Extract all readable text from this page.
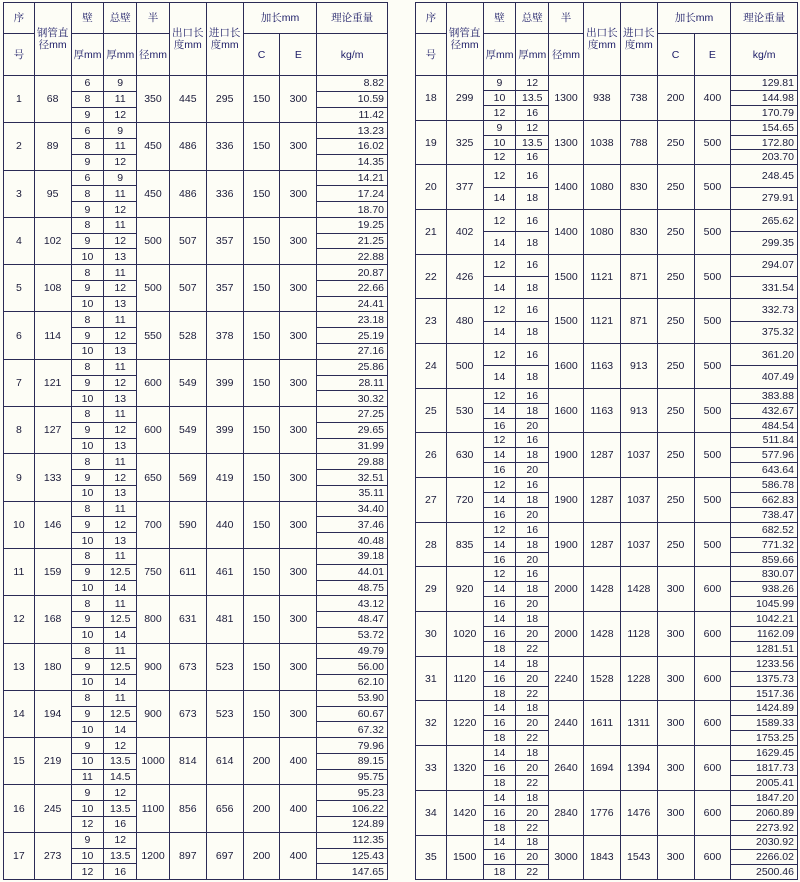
序	钢管直径mm	壁	总壁	半	出口长度mm	进口长度mm	加长mm		理论重量
号		厚mm	厚mm	径mm			C	E	kg/m
1	68	6	9	350	445	295	150	300	8.82
		8	11						10.59
		9	12						11.42
2	89	6	9	450	486	336	150	300	13.23
		8	11						16.02
		9	12						14.35
3	95	6	9	450	486	336	150	300	14.21
		8	11						17.24
		9	12						18.70
4	102	8	11	500	507	357	150	300	19.25
		9	12						21.25
		10	13						22.88
5	108	8	11	500	507	357	150	300	20.87
		9	12						22.66
		10	13						24.41
6	114	8	11	550	528	378	150	300	23.18
		9	12						25.19
		10	13						27.16
7	121	8	11	600	549	399	150	300	25.86
		9	12						28.11
		10	13						30.32
8	127	8	11	600	549	399	150	300	27.25
		9	12						29.65
		10	13						31.99
9	133	8	11	650	569	419	150	300	29.88
		9	12						32.51
		10	13						35.11
10	146	8	11	700	590	440	150	300	34.40
		9	12						37.46
		10	13						40.48
11	159	8	11	750	611	461	150	300	39.18
		9	12.5						44.01
		10	14						48.75
12	168	8	11	800	631	481	150	300	43.12
		9	12.5						48.47
		10	14						53.72
13	180	8	11	900	673	523	150	300	49.79
		9	12.5						56.00
		10	14						62.10
14	194	8	11	900	673	523	150	300	53.90
		9	12.5						60.67
		10	14						67.32
15	219	9	12	1000	814	614	200	400	79.96
		10	13.5						89.15
		11	14.5						95.75
16	245	9	12	1100	856	656	200	400	95.23
		10	13.5						106.22
		12	16						124.89
17	273	9	12	1200	897	697	200	400	112.35
		10	13.5						125.43
		12	16						147.65
序	钢管直径mm	壁	总壁	半	出口长度mm	进口长度mm	加长mm		理论重量
号		厚mm	厚mm	径mm			C	E	kg/m
18	299	9	12	1300	938	738	200	400	129.81
		10	13.5						144.98
		12	16						170.79
19	325	9	12	1300	1038	788	250	500	154.65
		10	13.5						172.80
		12	16						203.70
20	377	12	16	1400	1080	830	250	500	248.45
		14	18						279.91
21	402	12	16	1400	1080	830	250	500	265.62
		14	18						299.35
22	426	12	16	1500	1121	871	250	500	294.07
		14	18						331.54
23	480	12	16	1500	1121	871	250	500	332.73
		14	18						375.32
24	500	12	16	1600	1163	913	250	500	361.20
		14	18						407.49
25	530	12	16	1600	1163	913	250	500	383.88
		14	18						432.67
		16	20						484.54
26	630	12	16	1900	1287	1037	250	500	511.84
		14	18						577.96
		16	20						643.64
27	720	12	16	1900	1287	1037	250	500	586.78
		14	18						662.83
		16	20						738.47
28	835	12	16	1900	1287	1037	250	500	682.52
		14	18						771.32
		16	20						859.66
29	920	12	16	2000	1428	1428	300	600	830.07
		14	18						938.26
		16	20						1045.99
30	1020	14	18	2000	1428	1128	300	600	1042.21
		16	20						1162.09
		18	22						1281.51
31	1120	14	18	2240	1528	1228	300	600	1233.56
		16	20						1375.73
		18	22						1517.36
32	1220	14	18	2440	1611	1311	300	600	1424.89
		16	20						1589.33
		18	22						1753.25
33	1320	14	18	2640	1694	1394	300	600	1629.45
		16	20						1817.73
		18	22						2005.41
34	1420	14	18	2840	1776	1476	300	600	1847.20
		16	20						2060.89
		18	22						2273.92
35	1500	14	18	3000	1843	1543	300	600	2030.92
		16	20						2266.02
		18	22						2500.46
